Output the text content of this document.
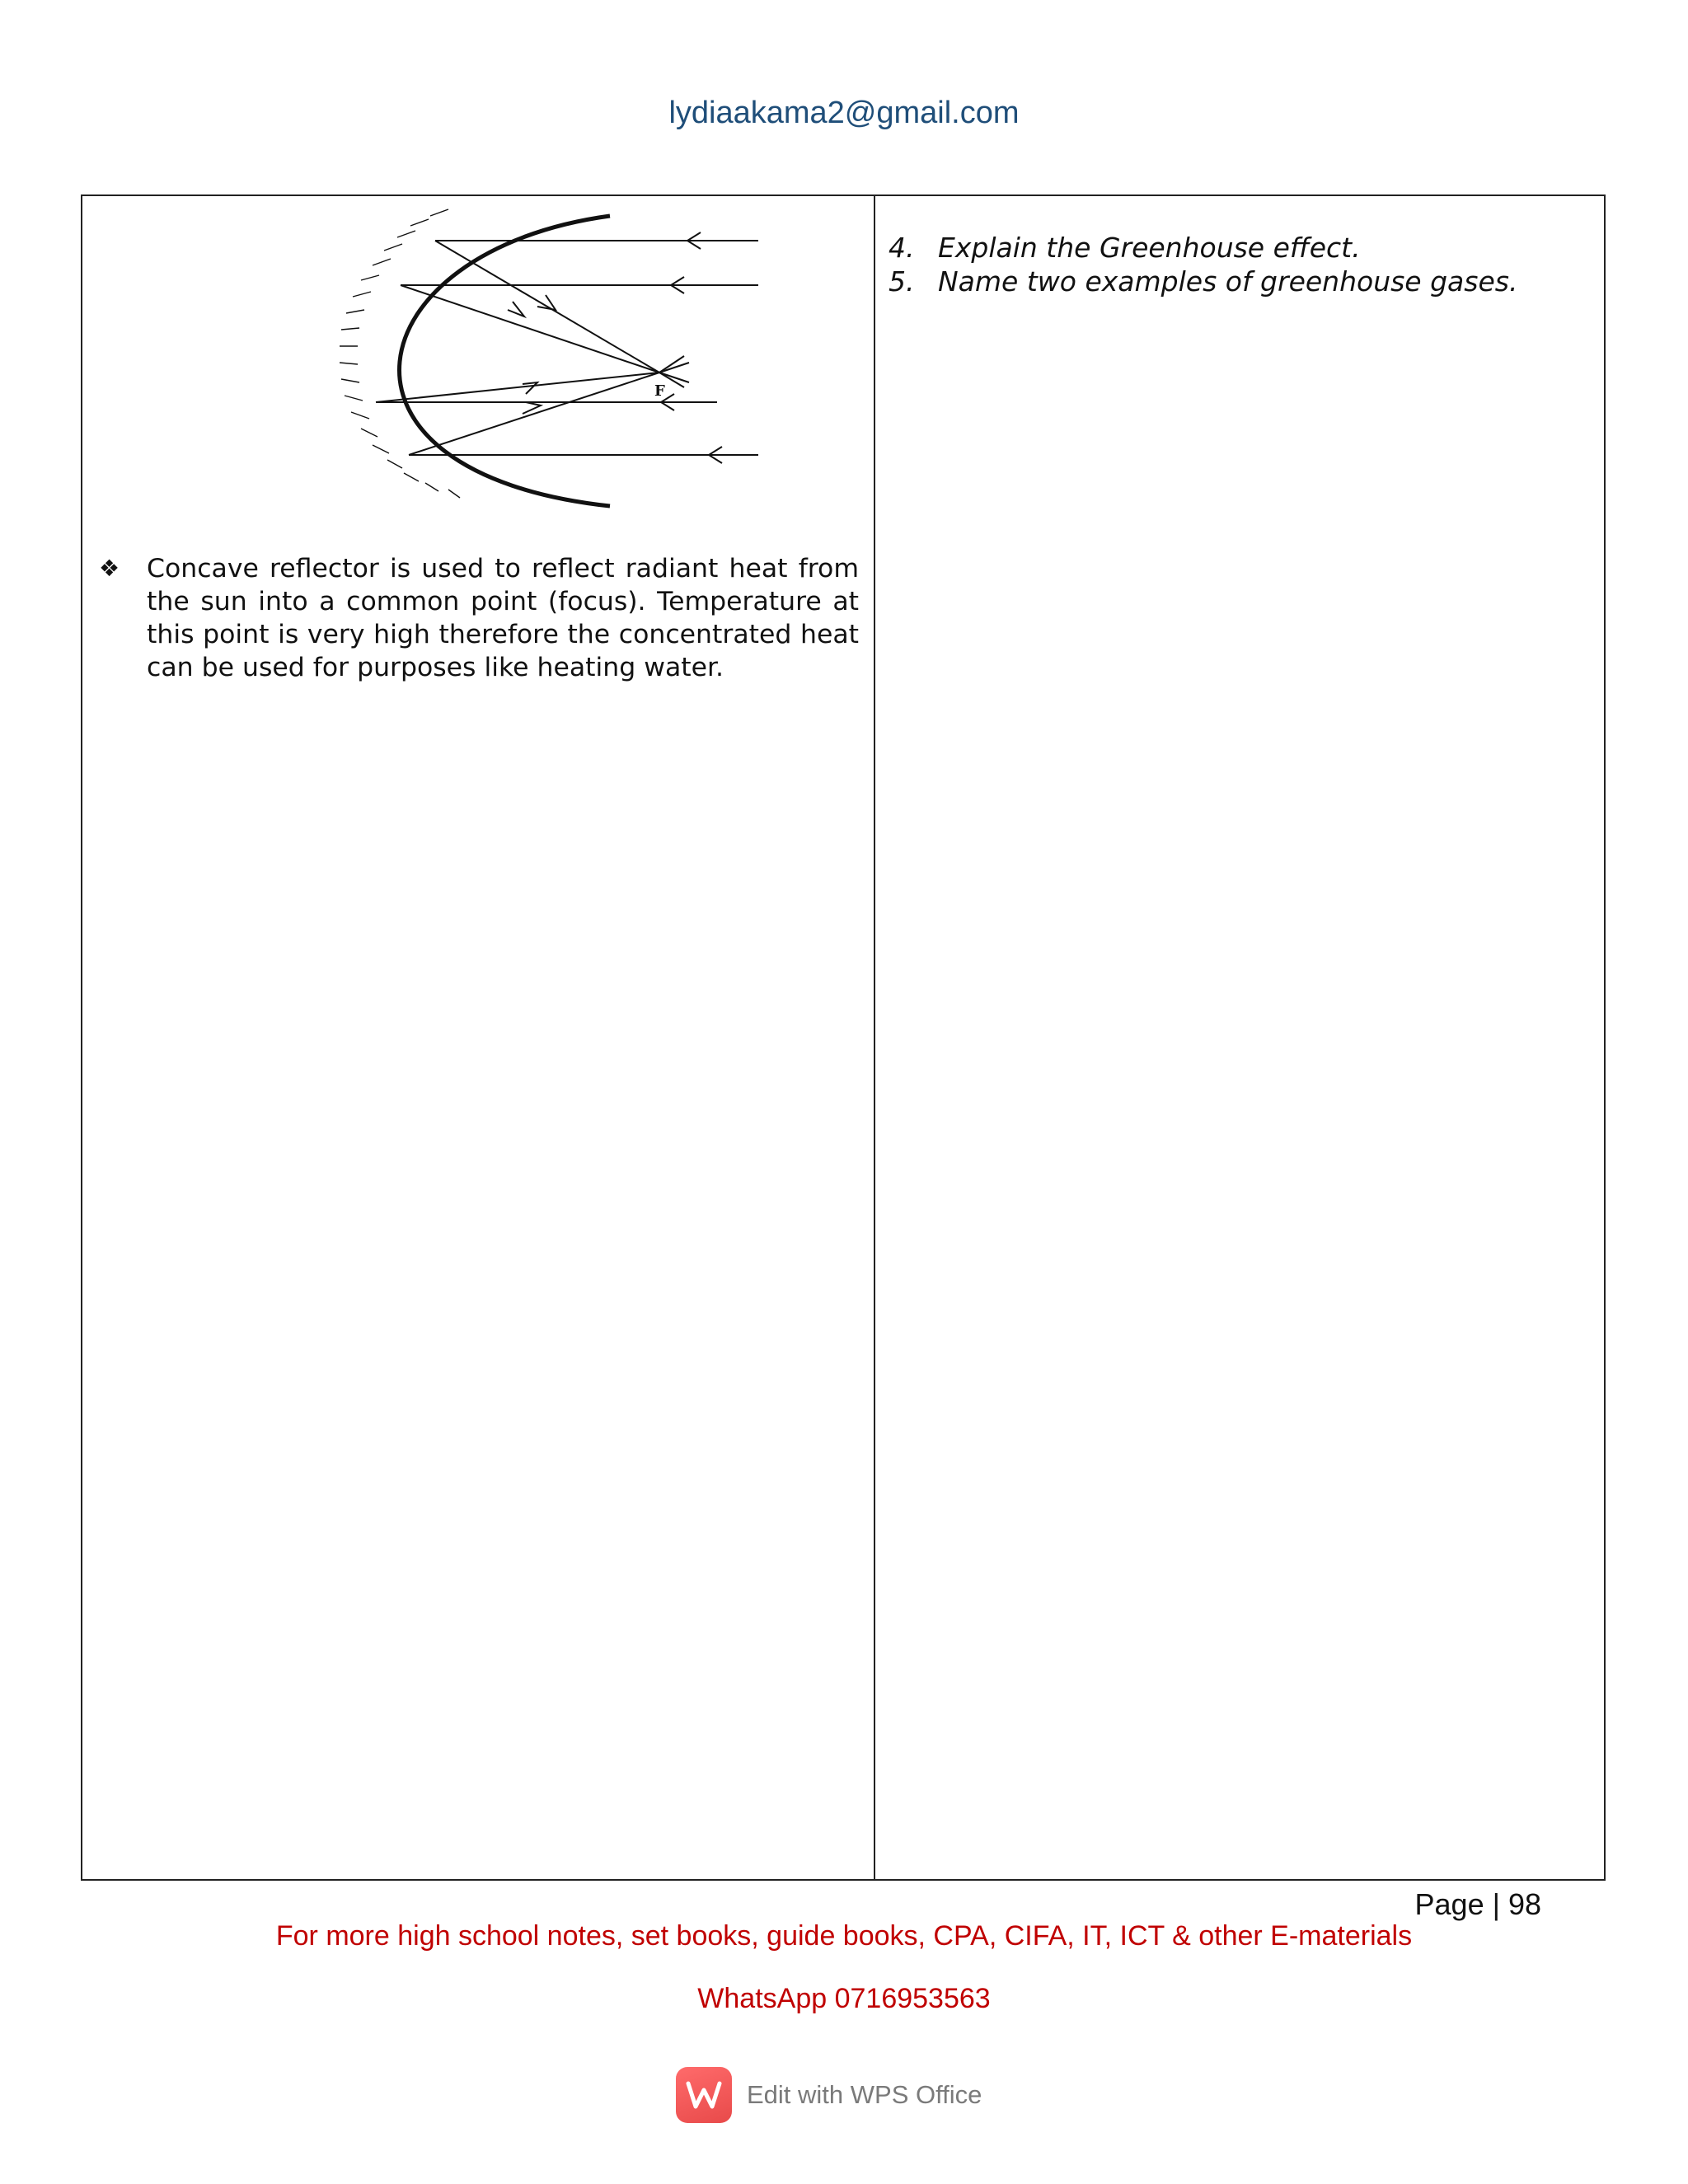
lydiaakama2@gmail.com
F
❖ Concave reflector is used to reflect radiant heat from the sun into a common point (focus). Temperature at this point is very high therefore the concentrated heat can be used for purposes like heating water.
4. Explain the Greenhouse effect.
5. Name two examples of greenhouse gases.
Page | 98
For more high school notes, set books, guide books, CPA, CIFA, IT, ICT & other E-materials
WhatsApp 0716953563
Edit with WPS Office
